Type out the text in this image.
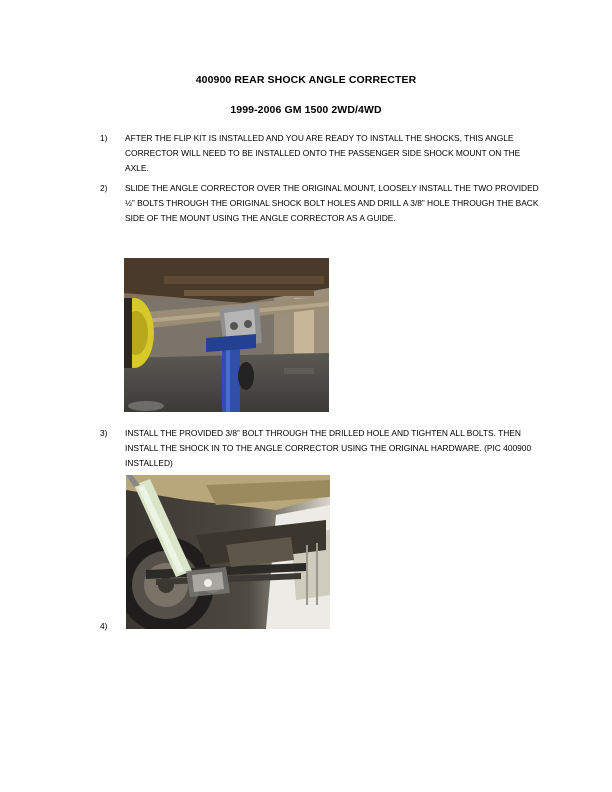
400900 REAR SHOCK ANGLE CORRECTER
1999-2006 GM 1500 2WD/4WD
1)	AFTER THE FLIP KIT IS INSTALLED AND YOU ARE READY TO INSTALL THE SHOCKS, THIS ANGLE CORRECTOR WILL NEED TO BE INSTALLED ONTO THE PASSENGER SIDE SHOCK MOUNT ON THE AXLE.
2)	SLIDE THE ANGLE CORRECTOR OVER THE ORIGINAL MOUNT, LOOSELY INSTALL THE TWO PROVIDED ½” BOLTS THROUGH THE ORIGINAL SHOCK BOLT HOLES AND DRILL A 3/8” HOLE THROUGH THE BACK SIDE OF THE MOUNT USING THE ANGLE CORRECTOR AS A GUIDE.
3)	INSTALL THE PROVIDED 3/8” BOLT THROUGH THE DRILLED HOLE AND TIGHTEN ALL BOLTS. THEN INSTALL THE SHOCK IN TO THE ANGLE CORRECTOR USING THE ORIGINAL HARDWARE. (PIC 400900 INSTALLED)
4)
